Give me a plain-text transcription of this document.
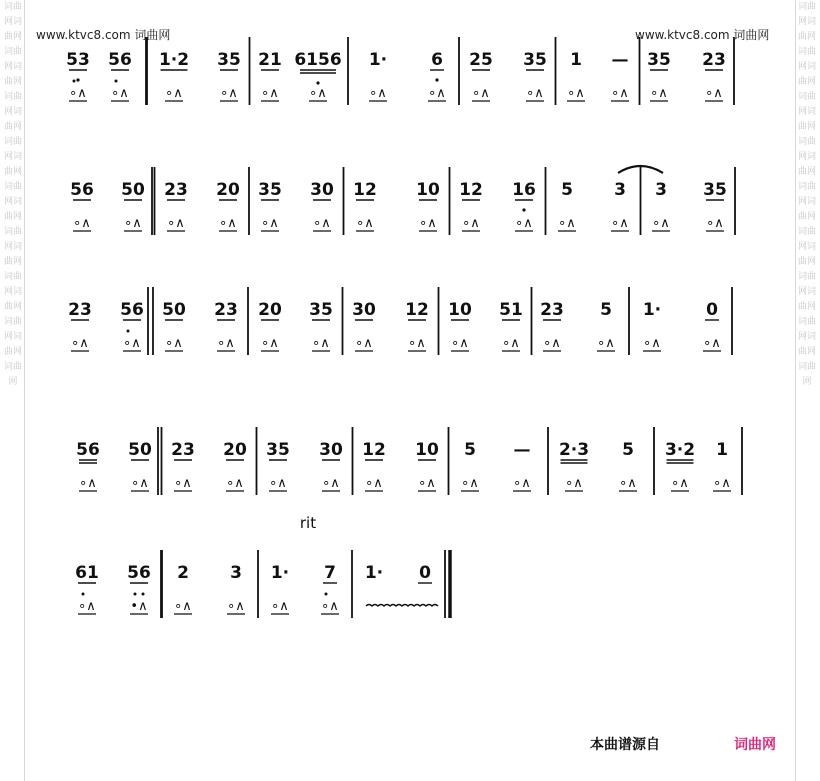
词曲网词曲网词曲网词曲网词曲网词曲网词曲网词曲网词曲网词曲网词曲网词曲网词曲网词曲网词曲网词曲网词曲网
词曲网词曲网词曲网词曲网词曲网词曲网词曲网词曲网词曲网词曲网词曲网词曲网词曲网词曲网词曲网词曲网词曲网
www.ktvc8.com 词曲网	www.ktvc8.com 词曲网
53
∘∧
56
∘∧
1·2
∘∧
35
∘∧
21
∘∧
6156
∘∧
1·
∘∧
6
∘∧
25
∘∧
35
∘∧
1
∘∧
—
∘∧
35
∘∧
23
∘∧
56
∘∧
50
∘∧
23
∘∧
20
∘∧
35
∘∧
30
∘∧
12
∘∧
10
∘∧
12
∘∧
16
∘∧
5
∘∧
3
∘∧
3
∘∧
35
∘∧
23
∘∧
56
∘∧
50
∘∧
23
∘∧
20
∘∧
35
∘∧
30
∘∧
12
∘∧
10
∘∧
51
∘∧
23
∘∧
5
∘∧
1·
∘∧
0
∘∧
56
∘∧
50
∘∧
23
∘∧
20
∘∧
35
∘∧
30
∘∧
12
∘∧
10
∘∧
5
∘∧
—
∘∧
2·3
∘∧
5
∘∧
3·2
∘∧
1
∘∧
rit
61
∘∧
56
•∧
2
∘∧
3
∘∧
1·
∘∧
7
∘∧
1· 0
本曲谱源自	词曲网
